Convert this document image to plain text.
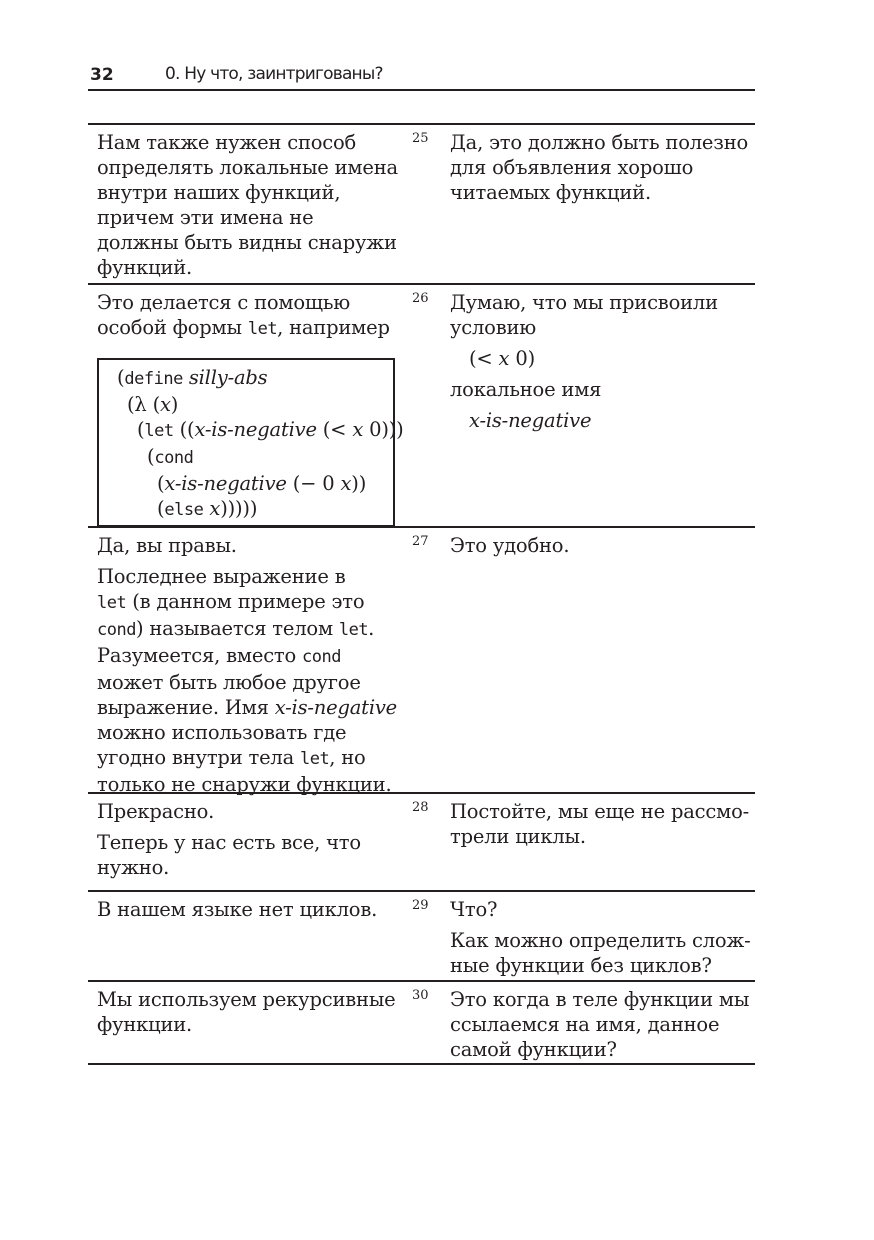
32	0. Ну что, заинтригованы?
Нам также нужен способ
определять локальные имена
внутри наших функций,
причем эти имена не
должны быть видны снаружи
функций.
25 Да, это должно быть полезно
для объявления хорошо
читаемых функций.
Это делается с помощью
особой формы let, например
(define silly-abs
(λ (x)
(let ((x-is-negative (< x 0)))
(cond
(x-is-negative (− 0 x))
(else x)))))
26 Думаю, что мы присвоили
условию
(< x 0)
локальное имя
x-is-negative
Да, вы правы.
Последнее выражение в
let (в данном примере это
cond) называется телом let.
Разумеется, вместо cond
может быть любое другое
выражение. Имя x-is-negative
можно использовать где
угодно внутри тела let, но
только не снаружи функции.
27 Это удобно.
Прекрасно.
Теперь у нас есть все, что
нужно.
28 Постойте, мы еще не рассмо-
трели циклы.
В нашем языке нет циклов.	29 Что?
Как можно определить слож-
ные функции без циклов?
Мы используем рекурсивные
функции.
30 Это когда в теле функции мы
ссылаемся на имя, данное
самой функции?
